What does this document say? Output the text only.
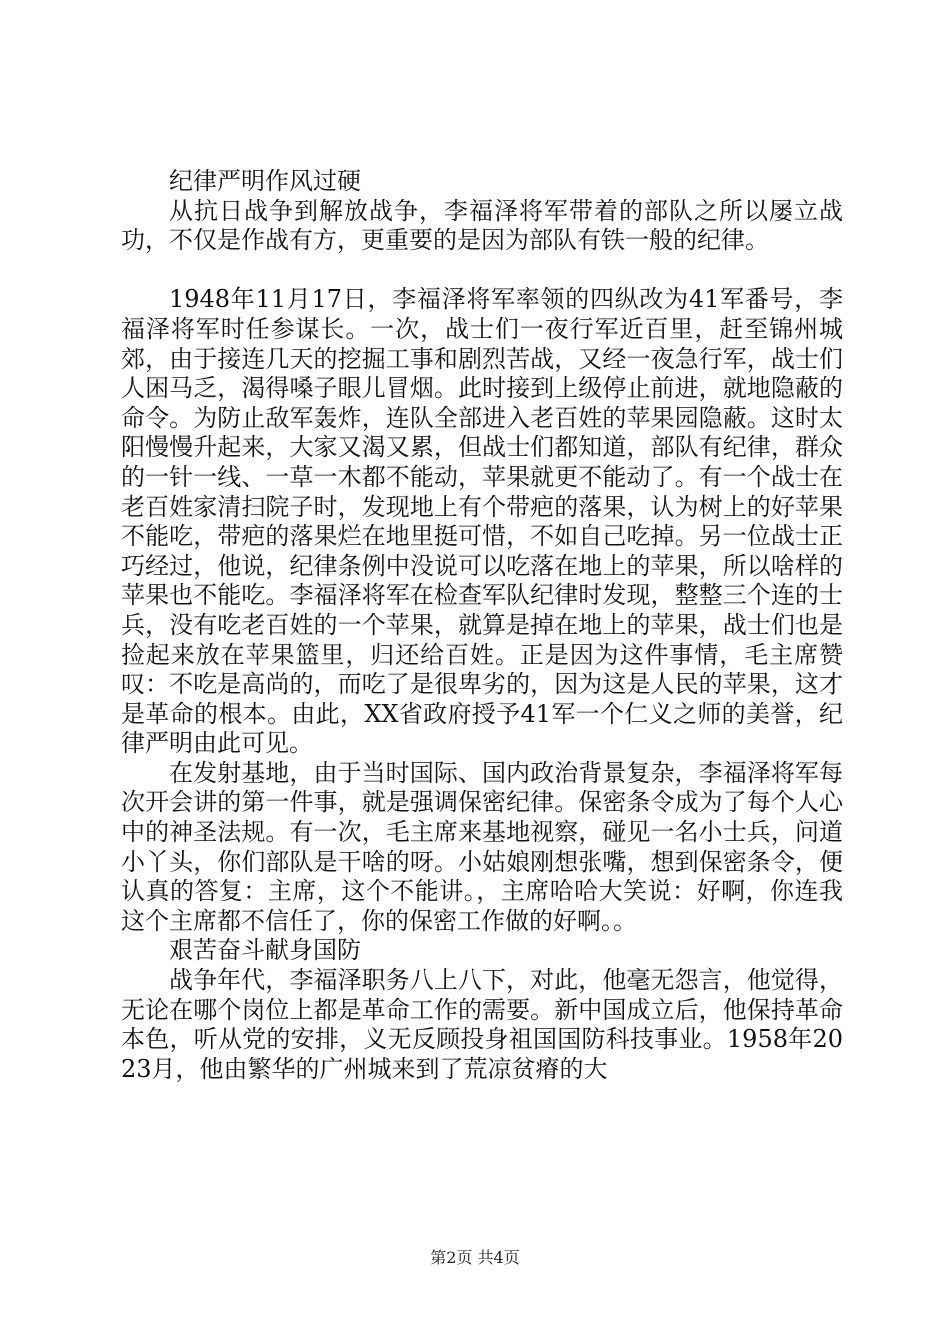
纪律严明作风过硬

从抗日战争到解放战争，李福泽将军带着的部队之所以屡立战功，不仅是作战有方，更重要的是因为部队有铁一般的纪律。

1948年11月17日，李福泽将军率领的四纵改为41军番号，李福泽将军时任参谋长。一次，战士们一夜行军近百里，赶至锦州城郊，由于接连几天的挖掘工事和剧烈苦战，又经一夜急行军，战士们人困马乏，渴得嗓子眼儿冒烟。此时接到上级停止前进，就地隐蔽的命令。为防止敌军轰炸，连队全部进入老百姓的苹果园隐蔽。这时太阳慢慢升起来，大家又渴又累，但战士们都知道，部队有纪律，群众的一针一线、一草一木都不能动，苹果就更不能动了。有一个战士在老百姓家清扫院子时，发现地上有个带疤的落果，认为树上的好苹果不能吃，带疤的落果烂在地里挺可惜，不如自己吃掉。另一位战士正巧经过，他说，纪律条例中没说可以吃落在地上的苹果，所以啥样的苹果也不能吃。李福泽将军在检查军队纪律时发现，整整三个连的士兵，没有吃老百姓的一个苹果，就算是掉在地上的苹果，战士们也是捡起来放在苹果篮里，归还给百姓。正是因为这件事情，毛主席赞叹：不吃是高尚的，而吃了是很卑劣的，因为这是人民的苹果，这才是革命的根本。由此，XX省政府授予41军一个仁义之师的美誉，纪律严明由此可见。

在发射基地，由于当时国际、国内政治背景复杂，李福泽将军每次开会讲的第一件事，就是强调保密纪律。保密条令成为了每个人心中的神圣法规。有一次，毛主席来基地视察，碰见一名小士兵，问道小丫头，你们部队是干啥的呀。小姑娘刚想张嘴，想到保密条令，便认真的答复：主席，这个不能讲。，主席哈哈大笑说：好啊，你连我这个主席都不信任了，你的保密工作做的好啊。。

艰苦奋斗献身国防

战争年代，李福泽职务八上八下，对此，他毫无怨言，他觉得，无论在哪个岗位上都是革命工作的需要。新中国成立后，他保持革命本色，听从党的安排，义无反顾投身祖国国防科技事业。1958年2023月，他由繁华的广州城来到了荒凉贫瘠的大

第2页 共4页
